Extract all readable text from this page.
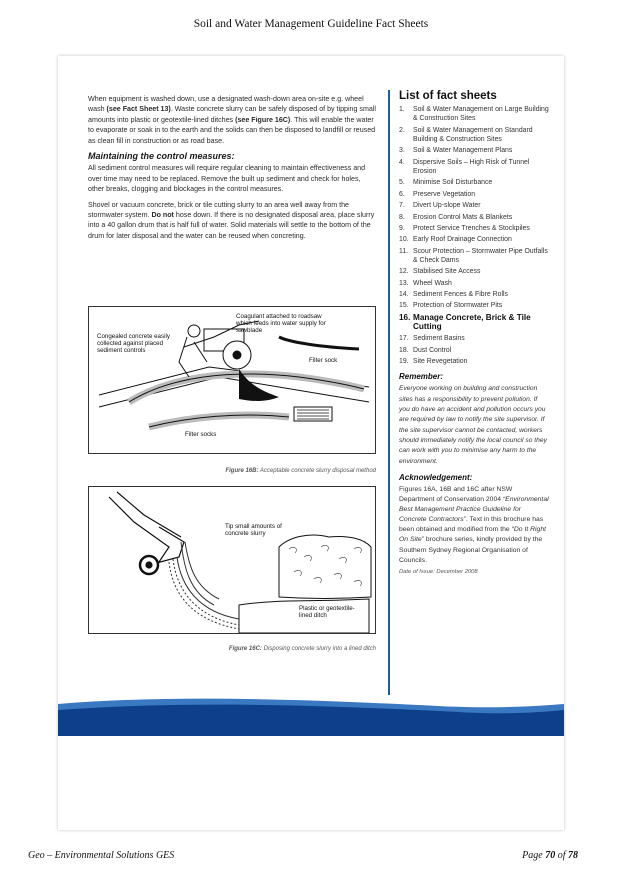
Soil and Water Management Guideline Fact Sheets

When equipment is washed down, use a designated wash-down area on-site e.g. wheel wash (see Fact Sheet 13). Waste concrete slurry can be safely disposed of by tipping small amounts into plastic or geotextile-lined ditches (see Figure 16C). This will enable the water to evaporate or soak in to the earth and the solids can then be disposed to landfill or reused as clean fill in construction or as road base.

Maintaining the control measures:

All sediment control measures will require regular cleaning to maintain effectiveness and over time may need to be replaced. Remove the built up sediment and check for holes, other breaks, clogging and blockages in the control measures.

Shovel or vacuum concrete, brick or tile cutting slurry to an area well away from the stormwater system. Do not hose down. If there is no designated disposal area, place slurry into a 40 gallon drum that is half full of water. Solid materials will settle to the bottom of the drum for later disposal and the water can be reused when concreting.

Coagulant attached to roadsaw which feeds into water supply for sawblade
Congealed concrete easily collected against placed sediment controls
Filter sock
Filter socks
Figure 16B: Acceptable concrete slurry disposal method
Tip small amounts of concrete slurry
Plastic or geotextile-lined ditch
Figure 16C: Disposing concrete slurry into a lined ditch
List of fact sheets
1. Soil & Water Management on Large Building & Construction Sites
2. Soil & Water Management on Standard Building & Construction Sites
3. Soil & Water Management Plans
4. Dispersive Soils – High Risk of Tunnel Erosion
5. Minimise Soil Disturbance
6. Preserve Vegetation
7. Divert Up-slope Water
8. Erosion Control Mats & Blankets
9. Protect Service Trenches & Stockpiles
10. Early Roof Drainage Connection
11. Scour Protection – Stormwater Pipe Outfalls & Check Dams
12. Stabilised Site Access
13. Wheel Wash
14. Sediment Fences & Fibre Rolls
15. Protection of Stormwater Pits
16. Manage Concrete, Brick & Tile Cutting
17. Sediment Basins
18. Dust Control
19. Site Revegetation
Remember:

Everyone working on building and construction sites has a responsibility to prevent pollution. If you do have an accident and pollution occurs you are required by law to notify the site supervisor. If the site supervisor cannot be contacted, workers should immediately notify the local council so they can work with you to minimise any harm to the environment.

Acknowledgement:

Figures 16A, 16B and 16C after NSW Department of Conservation 2004 “Environmental Best Management Practice Guideline for Concrete Contractors”. Text in this brochure has been obtained and modified from the “Do It Right On Site” brochure series, kindly provided by the Southern Sydney Regional Organisation of Councils.

Date of Issue: December 2008
Geo – Environmental Solutions GES	Page 70 of 78
